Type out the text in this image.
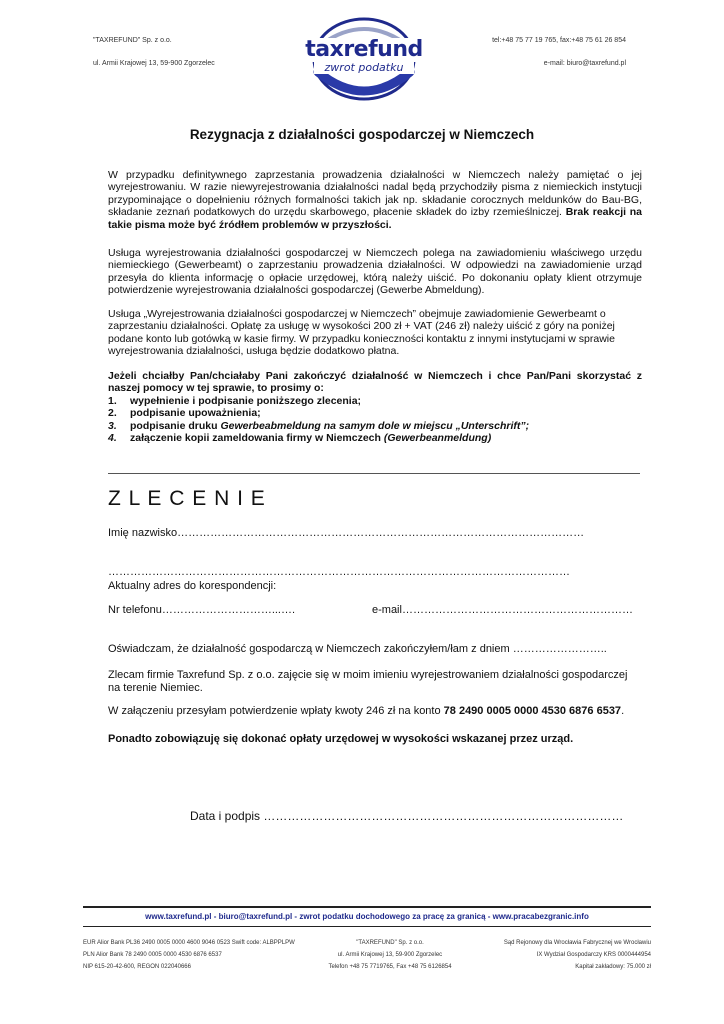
"TAXREFUND" Sp. z o.o.
ul. Armii Krajowej 13, 59-900 Zgorzelec
tel:+48 75 77 19 765, fax:+48 75 61 26 854
e-mail: biuro@taxrefund.pl
taxrefund
zwrot podatku
Rezygnacja z działalności gospodarczej w Niemczech
W przypadku definitywnego zaprzestania prowadzenia działalności w Niemczech należy pamiętać o jej wyrejestrowaniu. W razie niewyrejestrowania działalności nadal będą przychodziły pisma z niemieckich instytucji przypominające o dopełnieniu różnych formalności takich jak np. składanie corocznych meldunków do Bau-BG, składanie zeznań podatkowych do urzędu skarbowego, płacenie składek do izby rzemieślniczej. Brak reakcji na takie pisma może być źródłem problemów w przyszłości.
Usługa wyrejestrowania działalności gospodarczej w Niemczech polega na zawiadomieniu właściwego urzędu niemieckiego (Gewerbeamt) o zaprzestaniu prowadzenia działalności. W odpowiedzi na zawiadomienie urząd przesyła do klienta informację o opłacie urzędowej, którą należy uiścić. Po dokonaniu opłaty klient otrzymuje potwierdzenie wyrejestrowania działalności gospodarczej (Gewerbe Abmeldung).
Usługa „Wyrejestrowania działalności gospodarczej w Niemczech” obejmuje zawiadomienie Gewerbeamt o zaprzestaniu działalności. Opłatę za usługę w wysokości 200 zł + VAT (246 zł) należy uiścić z góry na poniżej podane konto lub gotówką w kasie firmy. W przypadku konieczności kontaktu z innymi instytucjami w sprawie wyrejestrowania działalności, usługa będzie dodatkowo płatna.
Jeżeli chciałby Pan/chciałaby Pani zakończyć działalność w Niemczech i chce Pan/Pani skorzystać z naszej pomocy w tej sprawie, to prosimy o:
1. wypełnienie i podpisanie poniższego zlecenia;
2. podpisanie upoważnienia;
3. podpisanie druku Gewerbeabmeldung na samym dole w miejscu „Unterschrift”;
4. załączenie kopii zameldowania firmy w Niemczech (Gewerbeanmeldung)
Z L E C E N I E
Imię nazwisko…………………………………………………………………………………………………
………………………………………………………………………………………………………………
Aktualny adres do korespondencji:
Nr telefonu…………………………...….	e-mail………………………………………………………
Oświadczam, że działalność gospodarczą w Niemczech zakończyłem/łam z dniem ……………………..
Zlecam firmie Taxrefund Sp. z o.o. zajęcie się w moim imieniu wyrejestrowaniem działalności gospodarczej na terenie Niemiec.
W załączeniu przesyłam potwierdzenie wpłaty kwoty 246 zł na konto 78 2490 0005 0000 4530 6876 6537.
Ponadto zobowiązuję się dokonać opłaty urzędowej w wysokości wskazanej przez urząd.
Data i podpis ………………………………………………………………………………
www.taxrefund.pl - biuro@taxrefund.pl - zwrot podatku dochodowego za pracę za granicą - www.pracabezgranic.info
EUR Alior Bank PL36 2490 0005 0000 4600 9046 0523 Swift code: ALBPPLPW
PLN Alior Bank 78 2490 0005 0000 4530 6876 6537
NIP 615-20-42-600, REGON 022040666
"TAXREFUND" Sp. z o.o.
ul. Armii Krajowej 13, 59-900 Zgorzelec
Telefon +48 75 7719765, Fax +48 75 6126854
Sąd Rejonowy dla Wrocławia Fabrycznej we Wrocławiu
IX Wydział Gospodarczy KRS 0000444954
Kapitał zakładowy: 75.000 zł
